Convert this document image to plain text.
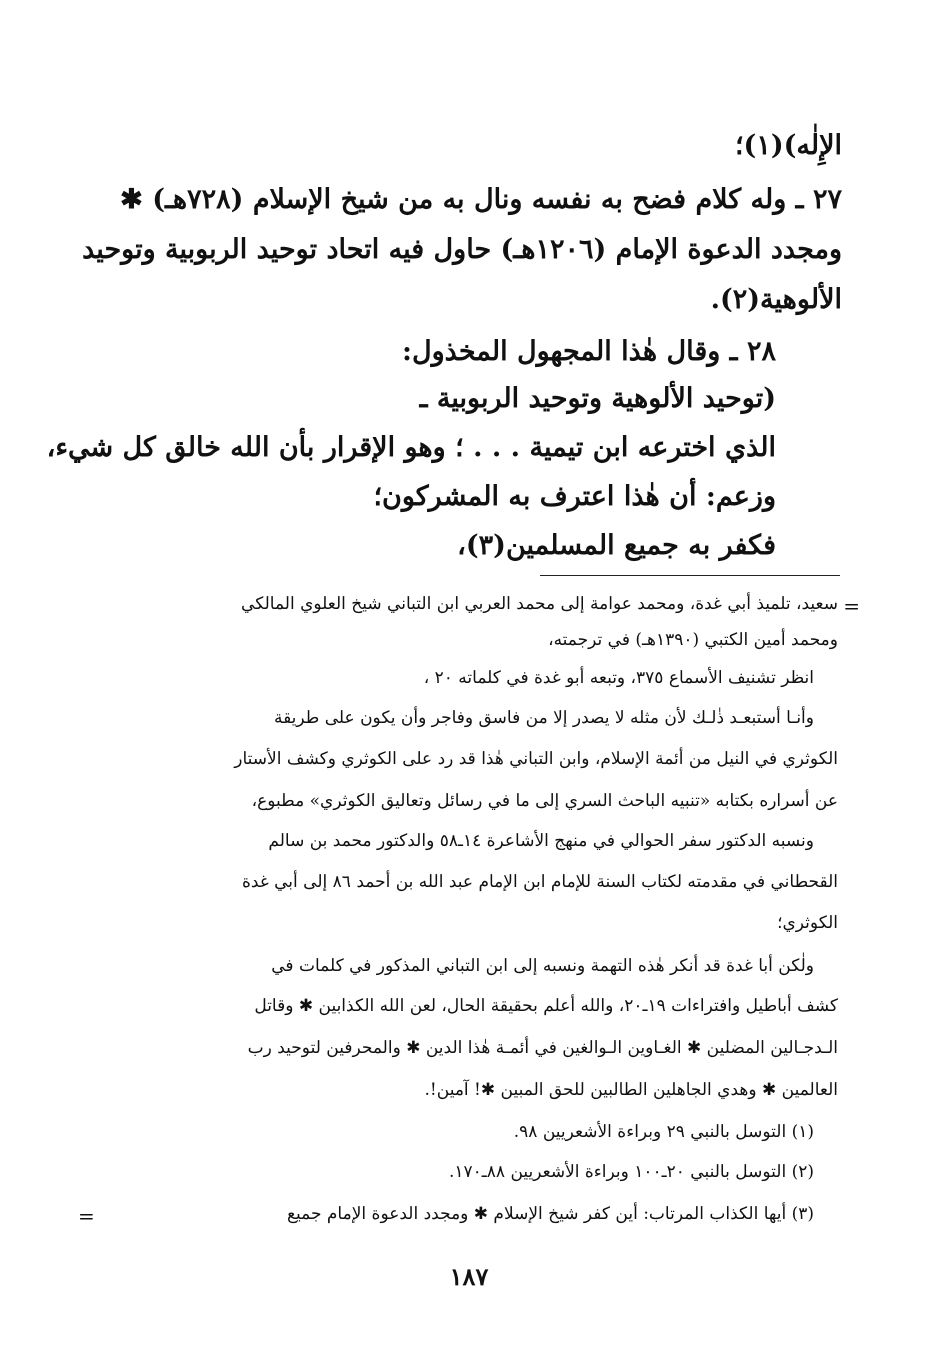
الإِلٰه)(١)؛
٢٧ ـ وله كلام فضح به نفسه ونال به من شيخ الإسلام (٧٢٨هـ) ✱
ومجدد الدعوة الإمام (١٢٠٦هـ) حاول فيه اتحاد توحيد الربوبية وتوحيد
الألوهية(٢).
٢٨ ـ وقال هٰذا المجهول المخذول:
(توحيد الألوهية وتوحيد الربوبية ـ
الذي اخترعه ابن تيمية . . . ؛ وهو الإقرار بأن الله خالق كل شيء،
وزعم: أن هٰذا اعترف به المشركون؛
فكفر به جميع المسلمين(٣)،
=
سعيد، تلميذ أبي غدة، ومحمد عوامة إلى محمد العربي ابن التباني شيخ العلوي المالكي
ومحمد أمين الكتبي (١٣٩٠هـ) في ترجمته،
انظر تشنيف الأسماع ٣٧٥، وتبعه أبو غدة في كلماته ٢٠ ،
وأنـا أستبعـد ذٰلـك لأن مثله لا يصدر إلا من فاسق وفاجر وأن يكون على طريقة
الكوثري في النيل من أئمة الإسلام، وابن التباني هٰذا قد رد على الكوثري وكشف الأستار
عن أسراره بكتابه «تنبيه الباحث السري إلى ما في رسائل وتعاليق الكوثري» مطبوع،
ونسبه الدكتور سفر الحوالي في منهج الأشاعرة ١٤ـ٥٨ والدكتور محمد بن سالم
القحطاني في مقدمته لكتاب السنة للإمام ابن الإمام عبد الله بن أحمد ٨٦ إلى أبي غدة
الكوثري؛
ولٰكن أبا غدة قد أنكر هٰذه التهمة ونسبه إلى ابن التباني المذكور في كلمات في
كشف أباطيل وافتراءات ١٩ـ٢٠، والله أعلم بحقيقة الحال، لعن الله الكذابين ✱ وقاتل
الـدجـالين المضلين ✱ الغـاوين الـوالغين في أئمـة هٰذا الدين ✱ والمحرفين لتوحيد رب
العالمين ✱ وهدي الجاهلين الطالبين للحق المبين ✱! آمين!.
(١) التوسل بالنبي ٢٩ وبراءة الأشعريين ٩٨.
(٢) التوسل بالنبي ٢٠ـ١٠٠ وبراءة الأشعريين ٨٨ـ١٧٠.
(٣) أيها الكذاب المرتاب: أين كفر شيخ الإسلام ✱ ومجدد الدعوة الإمام جميع
=
١٨٧
